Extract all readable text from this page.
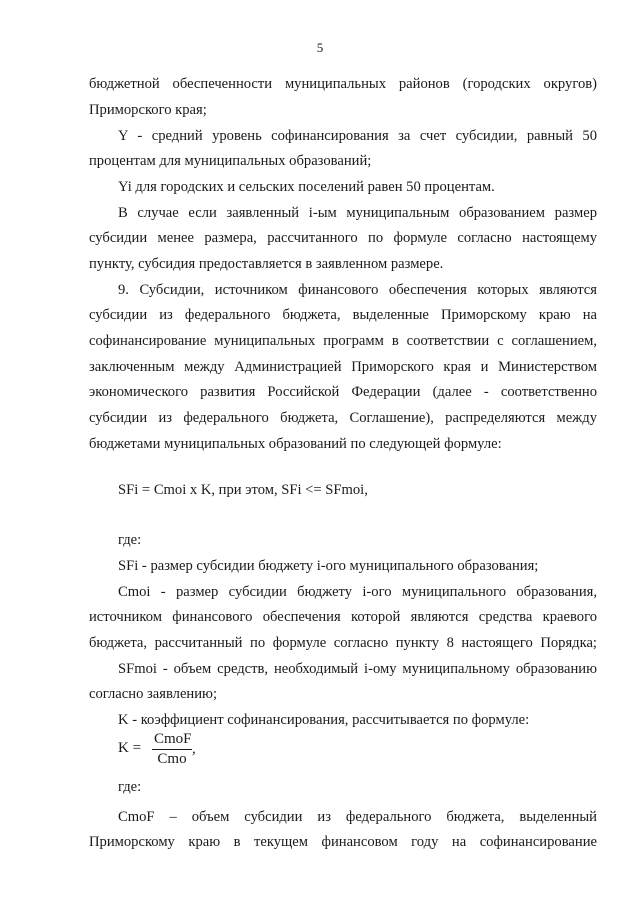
5
бюджетной обеспеченности муниципальных районов (городских округов)
Приморского края;
Y - средний уровень софинансирования за счет субсидии, равный 50
процентам для муниципальных образований;
Yi для городских и сельских поселений равен 50 процентам.
В случае если заявленный i-ым муниципальным образованием размер
субсидии менее размера, рассчитанного по формуле согласно настоящему
пункту, субсидия предоставляется в заявленном размере.
9. Субсидии, источником финансового обеспечения которых являются
субсидии из федерального бюджета, выделенные Приморскому краю на
софинансирование муниципальных программ в соответствии с соглашением,
заключенным между Администрацией Приморского края и Министерством
экономического развития Российской Федерации (далее - соответственно
субсидии из федерального бюджета, Соглашение), распределяются между
бюджетами муниципальных образований по следующей формуле:
SFi = Cmoi x K, при этом, SFi <= SFmoi,
где:
SFi - размер субсидии бюджету i-ого муниципального образования;
Cmoi - размер субсидии бюджету i-ого муниципального образования,
источником финансового обеспечения которой являются средства краевого
бюджета, рассчитанный по формуле согласно пункту 8 настоящего Порядка;
SFmoi - объем средств, необходимый i-ому муниципальному образованию
согласно заявлению;
K - коэффициент софинансирования, рассчитывается по формуле:
K =
CmoF
Cmo
,
где:
CmoF – объем субсидии из федерального бюджета, выделенный
Приморскому краю в текущем финансовом году на софинансирование
